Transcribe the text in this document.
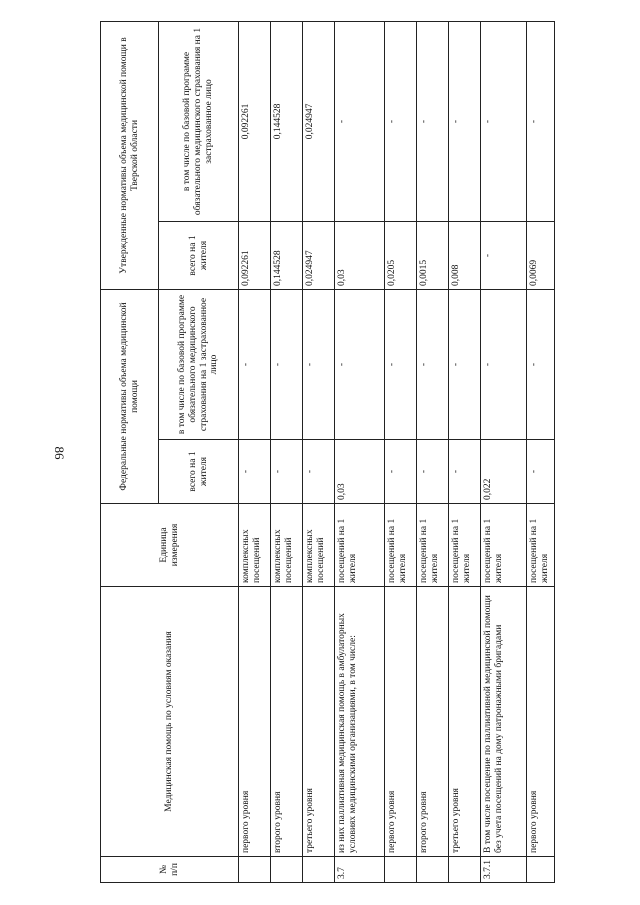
86
№ п/п	Медицинская помощь по условиям оказания	Единица измерения	Федеральные нормативы объема медицинской помощи		Утвержденные нормативы объема медицинской помощи в Тверской области	
			всего на 1 жителя	в том числе по базовой программе обязательного медицинского страхования на 1 застрахованное лицо	всего на 1 жителя	в том числе по базовой программе обязательного медицинского страхования на 1 застрахованное лицо
	первого уровня	комплексных посещений	-	-	0,092261	0,092261
	второго уровня	комплексных посещений	-	-	0,144528	0,144528
	третьего уровня	комплексных посещений	-	-	0,024947	0,024947
3.7	из них паллиативная медицинская помощь в амбулаторных условиях медицинскими организациями, в том числе:	посещений на 1 жителя	0,03	-	0,03	-
	первого уровня	посещений на 1 жителя	-	-	0,0205	-
	второго уровня	посещений на 1 жителя	-	-	0,0015	-
	третьего уровня	посещений на 1 жителя	-	-	0,008	-
3.7.1	В том числе посещение по паллиативной медицинской помощи без учета посещений на дому патронажными бригадами	посещений на 1 жителя	0,022	-	-	-
	первого уровня	посещений на 1 жителя	-	-	0,0069	-
